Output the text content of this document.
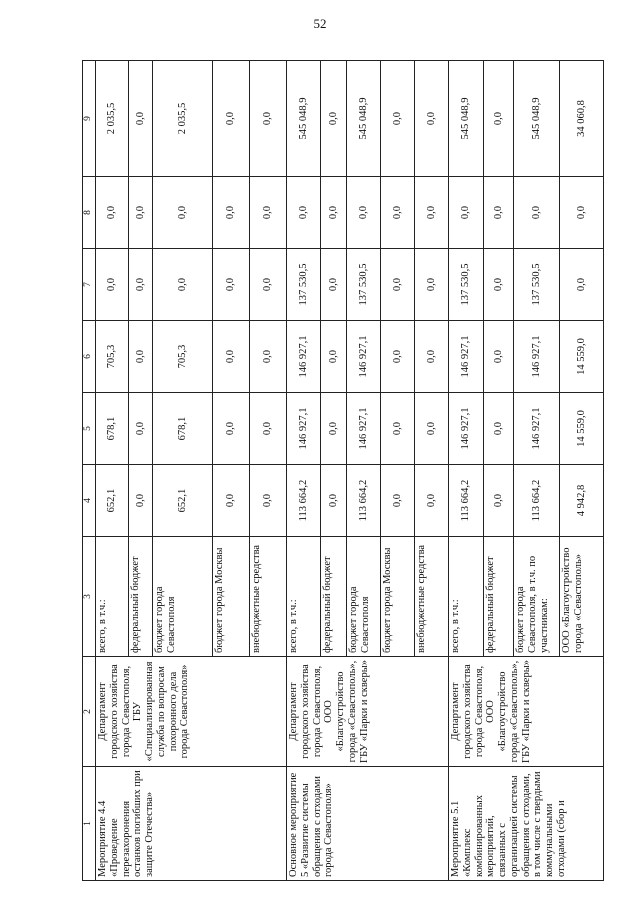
52
1	2	3	4	5	6	7	8	9
Мероприятие 4.4 «Проведение перезахоронения останков погибших при защите Отечества»	Департамент городского хозяйства города Севастополя, ГБУ «Специализированная служба по вопросам похоронного дела города Севастополя»	всего, в т.ч.:	652,1	678,1	705,3	0,0	0,0	2 035,5
		федеральный бюджет	0,0	0,0	0,0	0,0	0,0	0,0
		бюджет города Севастополя	652,1	678,1	705,3	0,0	0,0	2 035,5
		бюджет города Москвы	0,0	0,0	0,0	0,0	0,0	0,0
		внебюджетные средства	0,0	0,0	0,0	0,0	0,0	0,0
Основное мероприятие 5 «Развитие системы обращения с отходами города Севастополя»	Департамент городского хозяйства города Севастополя, ООО «Благоустройство города «Севастополь», ГБУ «Парки и скверы»	всего, в т.ч.:	113 664,2	146 927,1	146 927,1	137 530,5	0,0	545 048,9
		федеральный бюджет	0,0	0,0	0,0	0,0	0,0	0,0
		бюджет города Севастополя	113 664,2	146 927,1	146 927,1	137 530,5	0,0	545 048,9
		бюджет города Москвы	0,0	0,0	0,0	0,0	0,0	0,0
		внебюджетные средства	0,0	0,0	0,0	0,0	0,0	0,0
Мероприятие 5.1 «Комплекс комбинированных мероприятий, связанных с организацией системы обращения с отходами, в том числе с твердыми коммунальными отходами (сбор и	Департамент городского хозяйства города Севастополя, ООО «Благоустройство города «Севастополь», ГБУ «Парки и скверы»	всего, в т.ч.:	113 664,2	146 927,1	146 927,1	137 530,5	0,0	545 048,9
		федеральный бюджет	0,0	0,0	0,0	0,0	0,0	0,0
		бюджет города Севастополя, в т.ч. по участникам:	113 664,2	146 927,1	146 927,1	137 530,5	0,0	545 048,9
		ООО «Благоустройство города «Севастополь»	4 942,8	14 559,0	14 559,0	0,0	0,0	34 060,8
